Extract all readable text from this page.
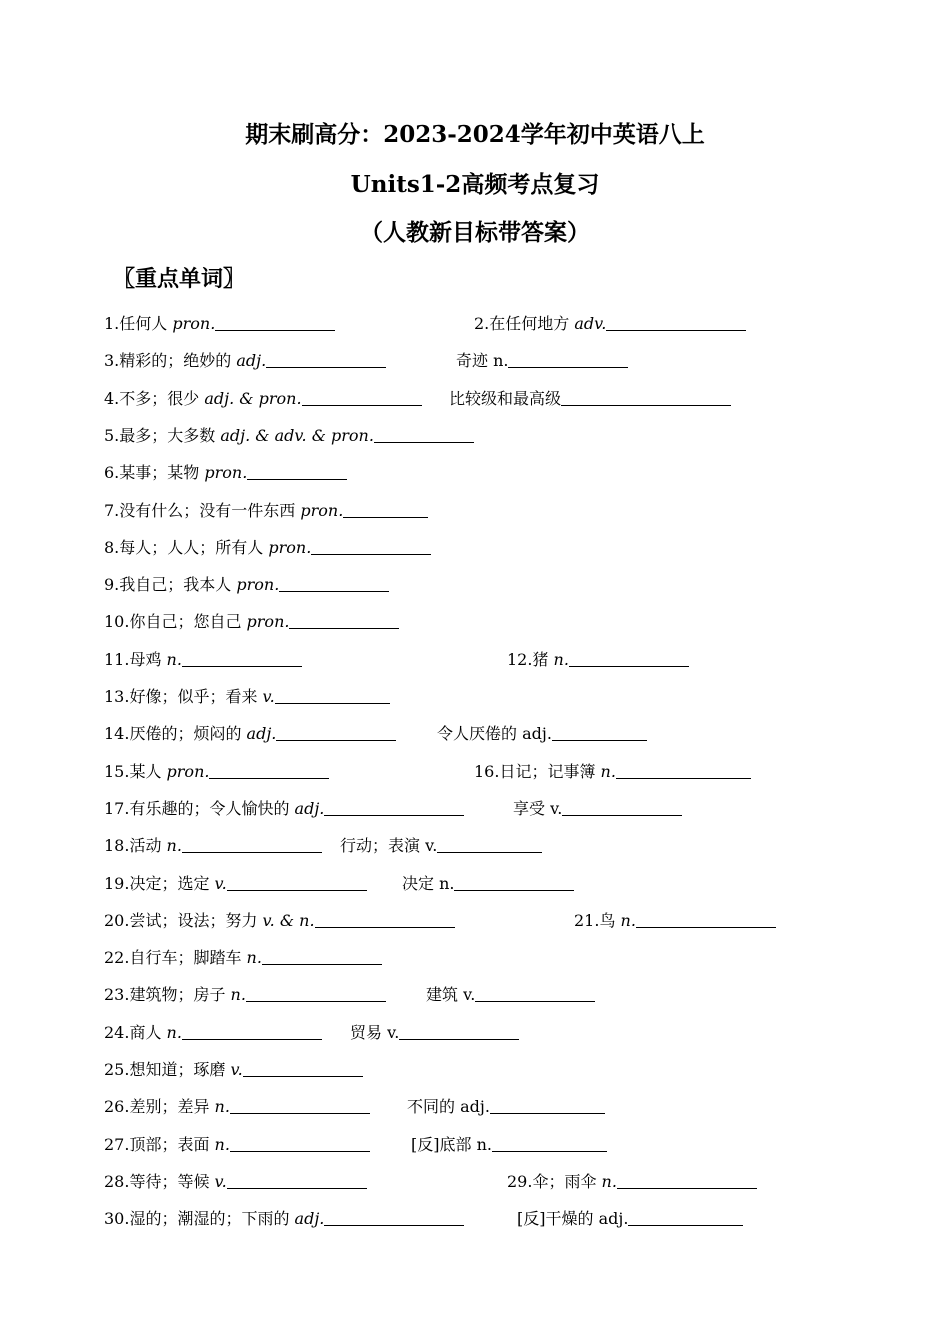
期末刷高分：2023-2024学年初中英语八上
Units1-2高频考点复习
（人教新目标带答案）
〖重点单词〗
1.任何人 pron.	2.在任何地方 adv.
3.精彩的；绝妙的 adj.	奇迹 n.
4.不多；很少 adj. & pron.	比较级和最高级
5.最多；大多数 adj. & adv. & pron.
6.某事；某物 pron.
7.没有什么；没有一件东西 pron.
8.每人；人人；所有人 pron.
9.我自己；我本人 pron.
10.你自己；您自己 pron.
11.母鸡 n.	12.猪 n.
13.好像；似乎；看来 v.
14.厌倦的；烦闷的 adj.	令人厌倦的 adj.
15.某人 pron.	16.日记；记事簿 n.
17.有乐趣的；令人愉快的 adj.	享受 v.
18.活动 n.	行动；表演 v.
19.决定；选定 v.	决定 n.
20.尝试；设法；努力 v. & n.	21.鸟 n.
22.自行车；脚踏车 n.
23.建筑物；房子 n.	建筑 v.
24.商人 n.	贸易 v.
25.想知道；琢磨 v.
26.差别；差异 n.	不同的 adj.
27.顶部；表面 n.	[反]底部 n.
28.等待；等候 v.	29.伞；雨伞 n.
30.湿的；潮湿的；下雨的 adj.	[反]干燥的 adj.
